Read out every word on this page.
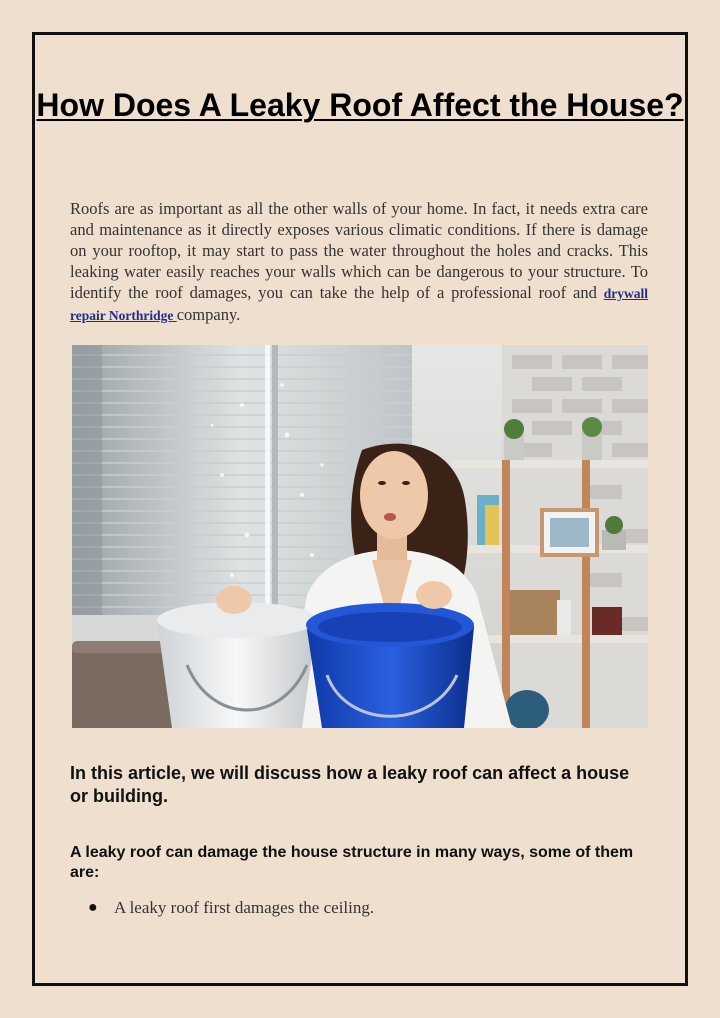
How Does A Leaky Roof Affect the House?

Roofs are as important as all the other walls of your home. In fact, it needs extra care and maintenance as it directly exposes various climatic conditions. If there is damage on your rooftop, it may start to pass the water throughout the holes and cracks. This leaking water easily reaches your walls which can be dangerous to your structure. To identify the roof damages, you can take the help of a professional roof and drywall repair Northridge company.

In this article, we will discuss how a leaky roof can affect a house or building.
A leaky roof can damage the house structure in many ways, some of them are:
● A leaky roof first damages the ceiling.
